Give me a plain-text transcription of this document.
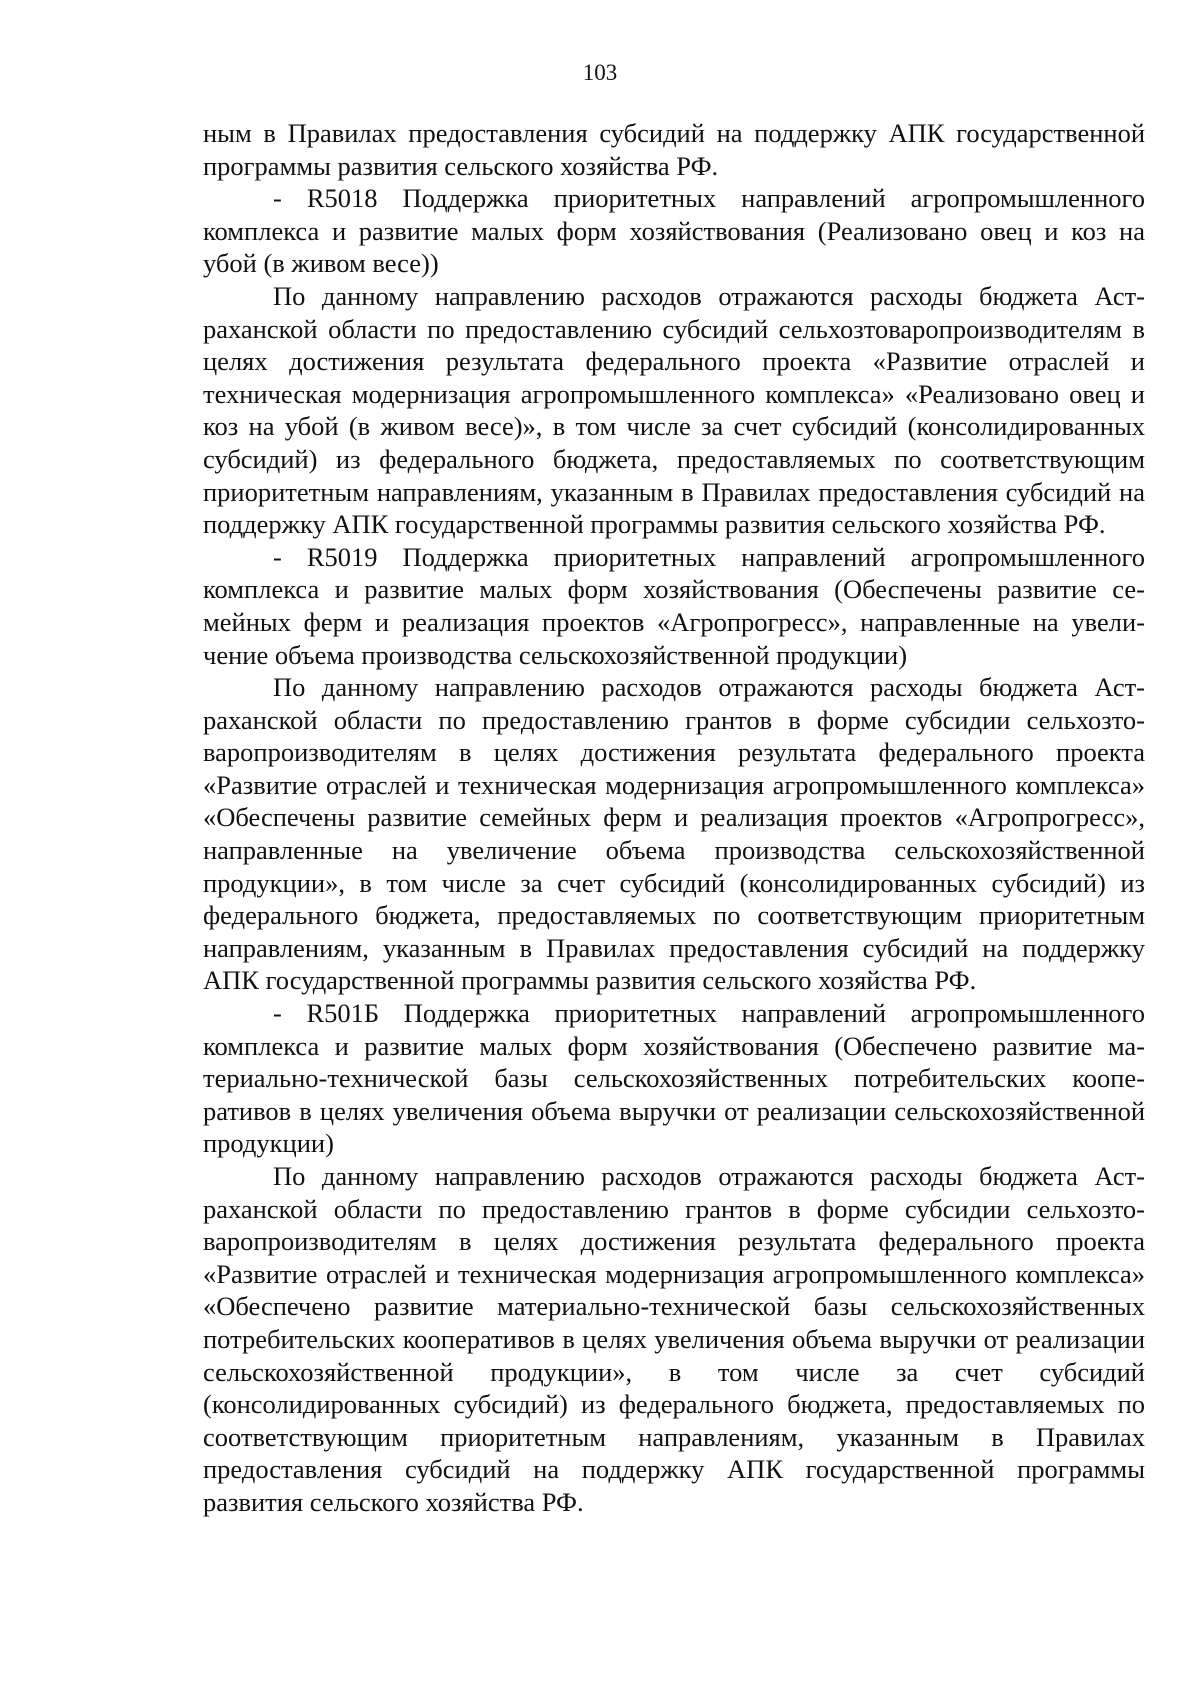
103

ным в Правилах предоставления субсидий на поддержку АПК государственной программы развития сельского хозяйства РФ.

- R5018 Поддержка приоритетных направлений агропромышленного комплекса и развитие малых форм хозяйствования (Реализовано овец и коз на убой (в живом весе))

По данному направлению расходов отражаются расходы бюджета Астраханской области по предоставлению субсидий сельхозтоваропроизводителям в целях достижения результата федерального проекта «Развитие отраслей и техническая модернизация агропромышленного комплекса» «Реализовано овец и коз на убой (в живом весе)», в том числе за счет субсидий (консолидированных субсидий) из федерального бюджета, предоставляемых по соответствующим приоритетным направлениям, указанным в Правилах предоставления субсидий на поддержку АПК государственной программы развития сельского хозяйства РФ.

- R5019 Поддержка приоритетных направлений агропромышленного комплекса и развитие малых форм хозяйствования (Обеспечены развитие семейных ферм и реализация проектов «Агропрогресс», направленные на увеличение объема производства сельскохозяйственной продукции)

По данному направлению расходов отражаются расходы бюджета Астраханской области по предоставлению грантов в форме субсидии сельхозтоваропроизводителям в целях достижения результата федерального проекта «Развитие отраслей и техническая модернизация агропромышленного комплекса» «Обеспечены развитие семейных ферм и реализация проектов «Агропрогресс», направленные на увеличение объема производства сельскохозяйственной продукции», в том числе за счет субсидий (консолидированных субсидий) из федерального бюджета, предоставляемых по соответствующим приоритетным направлениям, указанным в Правилах предоставления субсидий на поддержку АПК государственной программы развития сельского хозяйства РФ.

- R501Б Поддержка приоритетных направлений агропромышленного комплекса и развитие малых форм хозяйствования (Обеспечено развитие материально-технической базы сельскохозяйственных потребительских кооперативов в целях увеличения объема выручки от реализации сельскохозяйственной продукции)

По данному направлению расходов отражаются расходы бюджета Астраханской области по предоставлению грантов в форме субсидии сельхозтоваропроизводителям в целях достижения результата федерального проекта «Развитие отраслей и техническая модернизация агропромышленного комплекса» «Обеспечено развитие материально-технической базы сельскохозяйственных потребительских кооперативов в целях увеличения объема выручки от реализации сельскохозяйственной продукции», в том числе за счет субсидий (консолидированных субсидий) из федерального бюджета, предоставляемых по соответствующим приоритетным направлениям, указанным в Правилах предоставления субсидий на поддержку АПК государственной программы развития сельского хозяйства РФ.
